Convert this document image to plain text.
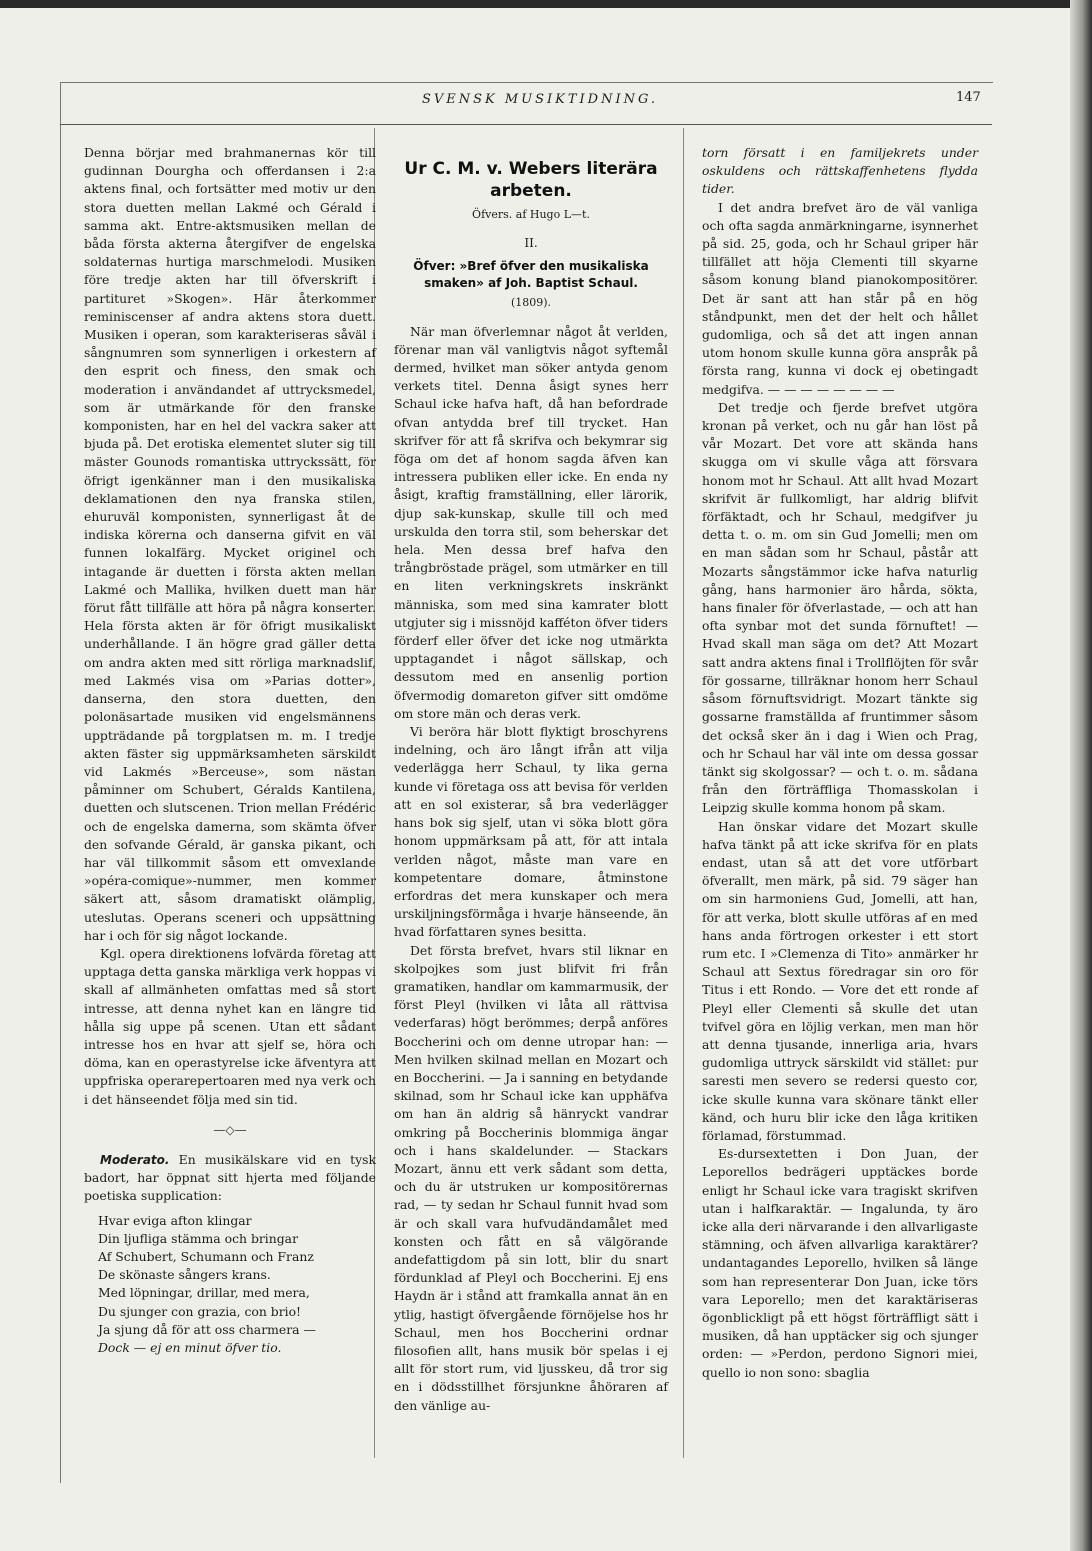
SVENSK MUSIKTIDNING.	147

Denna börjar med brahmanernas kör till gudinnan Dourgha och offerdansen i 2:a aktens final, och fortsätter med motiv ur den stora duetten mellan Lakmé och Gérald i samma akt. Entre-aktsmusiken mellan de båda första akterna återgifver de engelska soldaternas hurtiga marschmelodi. Musiken före tredje akten har till öfverskrift i partituret »Skogen». Här återkommer reminiscenser af andra aktens stora duett. Musiken i operan, som karakteriseras såväl i sångnumren som synnerligen i orkestern af den esprit och finess, den smak och moderation i användandet af uttrycksmedel, som är utmärkande för den franske komponisten, har en hel del vackra saker att bjuda på. Det erotiska elementet sluter sig till mäster Gounods romantiska uttryckssätt, för öfrigt igenkänner man i den musikaliska deklamationen den nya franska stilen, ehuruväl komponisten, synnerligast åt de indiska körerna och danserna gifvit en väl funnen lokalfärg. Mycket originel och intagande är duetten i första akten mellan Lakmé och Mallika, hvilken duett man här förut fått tillfälle att höra på några konserter. Hela första akten är för öfrigt musikaliskt underhållande. I än högre grad gäller detta om andra akten med sitt rörliga marknadslif, med Lakmés visa om »Parias dotter», danserna, den stora duetten, den polonäsartade musiken vid engelsmännens uppträdande på torgplatsen m. m. I tredje akten fäster sig uppmärksamheten särskildt vid Lakmés »Berceuse», som nästan påminner om Schubert, Géralds Kantilena, duetten och slutscenen. Trion mellan Frédéric och de engelska damerna, som skämta öfver den sofvande Gérald, är ganska pikant, och har väl tillkommit såsom ett omvexlande »opéra-comique»-nummer, men kommer säkert att, såsom dramatiskt olämplig, uteslutas. Operans sceneri och uppsättning har i och för sig något lockande.

Kgl. opera direktionens lofvärda företag att upptaga detta ganska märkliga verk hoppas vi skall af allmänheten omfattas med så stort intresse, att denna nyhet kan en längre tid hålla sig uppe på scenen. Utan ett sådant intresse hos en hvar att sjelf se, höra och döma, kan en operastyrelse icke äfventyra att uppfriska operarepertoaren med nya verk och i det hänseendet följa med sin tid.

—◇—

Moderato. En musikälskare vid en tysk badort, har öppnat sitt hjerta med följande poetiska supplication:

Hvar eviga afton klingar
Din ljufliga stämma och bringar
Af Schubert, Schumann och Franz
De skönaste sångers krans.
Med löpningar, drillar, med mera,
Du sjunger con grazia, con brio!
Ja sjung då för att oss charmera —
Dock — ej en minut öfver tio.
Ur C. M. v. Webers literära arbeten.
Öfvers. af Hugo L—t.
II.
Öfver: »Bref öfver den musikaliska smaken» af Joh. Baptist Schaul.
(1809).

När man öfverlemnar något åt verlden, förenar man väl vanligtvis något syftemål dermed, hvilket man söker antyda genom verkets titel. Denna åsigt synes herr Schaul icke hafva haft, då han befordrade ofvan antydda bref till trycket. Han skrifver för att få skrifva och bekymrar sig föga om det af honom sagda äfven kan intressera publiken eller icke. En enda ny åsigt, kraftig framställning, eller lärorik, djup sak-kunskap, skulle till och med urskulda den torra stil, som beherskar det hela. Men dessa bref hafva den trångbröstade prägel, som utmärker en till en liten verkningskrets inskränkt människa, som med sina kamrater blott utgjuter sig i missnöjd kafféton öfver tiders förderf eller öfver det icke nog utmärkta upptagandet i något sällskap, och dessutom med en ansenlig portion öfvermodig domareton gifver sitt omdöme om store män och deras verk.

Vi beröra här blott flyktigt broschyrens indelning, och äro långt ifrån att vilja vederlägga herr Schaul, ty lika gerna kunde vi företaga oss att bevisa för verlden att en sol existerar, så bra vederlägger hans bok sig sjelf, utan vi söka blott göra honom uppmärksam på att, för att intala verlden något, måste man vare en kompetentare domare, åtminstone erfordras det mera kunskaper och mera urskiljningsförmåga i hvarje hänseende, än hvad författaren synes besitta.

Det första brefvet, hvars stil liknar en skolpojkes som just blifvit fri från gramatiken, handlar om kammarmusik, der först Pleyl (hvilken vi låta all rättvisa vederfaras) högt berömmes; derpå anföres Boccherini och om denne utropar han: — Men hvilken skilnad mellan en Mozart och en Boccherini. — Ja i sanning en betydande skilnad, som hr Schaul icke kan upphäfva om han än aldrig så hänryckt vandrar omkring på Boccherinis blommiga ängar och i hans skaldelunder. — Stackars Mozart, ännu ett verk sådant som detta, och du är utstruken ur kompositörernas rad, — ty sedan hr Schaul funnit hvad som är och skall vara hufvudändamålet med konsten och fått en så välgörande andefattigdom på sin lott, blir du snart fördunklad af Pleyl och Boccherini. Ej ens Haydn är i stånd att framkalla annat än en ytlig, hastigt öfvergående förnöjelse hos hr Schaul, men hos Boccherini ordnar filosofien allt, hans musik bör spelas i ej allt för stort rum, vid ljusskeu, då tror sig en i dödsstillhet försjunkne åhöraren af den vänlige au-

torn försatt i en familjekrets under oskuldens och rättskaffenhetens flydda tider.

I det andra brefvet äro de väl vanliga och ofta sagda anmärkningarne, isynnerhet på sid. 25, goda, och hr Schaul griper här tillfället att höja Clementi till skyarne såsom konung bland pianokompositörer. Det är sant att han står på en hög ståndpunkt, men det der helt och hållet gudomliga, och så det att ingen annan utom honom skulle kunna göra anspråk på första rang, kunna vi dock ej obetingadt medgifva. — — — — — — — —

Det tredje och fjerde brefvet utgöra kronan på verket, och nu går han löst på vår Mozart. Det vore att skända hans skugga om vi skulle våga att försvara honom mot hr Schaul. Att allt hvad Mozart skrifvit är fullkomligt, har aldrig blifvit förfäktadt, och hr Schaul, medgifver ju detta t. o. m. om sin Gud Jomelli; men om en man sådan som hr Schaul, påstår att Mozarts sångstämmor icke hafva naturlig gång, hans harmonier äro hårda, sökta, hans finaler för öfverlastade, — och att han ofta synbar mot det sunda förnuftet! — Hvad skall man säga om det? Att Mozart satt andra aktens final i Trollflöjten för svår för gossarne, tillräknar honom herr Schaul såsom förnuftsvidrigt. Mozart tänkte sig gossarne framställda af fruntimmer såsom det också sker än i dag i Wien och Prag, och hr Schaul har väl inte om dessa gossar tänkt sig skolgossar? — och t. o. m. sådana från den förträffliga Thomasskolan i Leipzig skulle komma honom på skam.

Han önskar vidare det Mozart skulle hafva tänkt på att icke skrifva för en plats endast, utan så att det vore utförbart öfverallt, men märk, på sid. 79 säger han om sin harmoniens Gud, Jomelli, att han, för att verka, blott skulle utföras af en med hans anda förtrogen orkester i ett stort rum etc. I »Clemenza di Tito» anmärker hr Schaul att Sextus föredragar sin oro för Titus i ett Rondo. — Vore det ett ronde af Pleyl eller Clementi så skulle det utan tvifvel göra en löjlig verkan, men man hör att denna tjusande, innerliga aria, hvars gudomliga uttryck särskildt vid stället: pur saresti men severo se redersi questo cor, icke skulle kunna vara skönare tänkt eller känd, och huru blir icke den låga kritiken förlamad, förstummad.

Es-dursextetten i Don Juan, der Leporellos bedrägeri upptäckes borde enligt hr Schaul icke vara tragiskt skrifven utan i halfkaraktär. — Ingalunda, ty äro icke alla deri närvarande i den allvarligaste stämning, och äfven allvarliga karaktärer? undantagandes Leporello, hvilken så länge som han representerar Don Juan, icke törs vara Leporello; men det karaktäriseras ögonblickligt på ett högst förträffligt sätt i musiken, då han upptäcker sig och sjunger orden: — »Perdon, perdono Signori miei, quello io non sono: sbaglia
